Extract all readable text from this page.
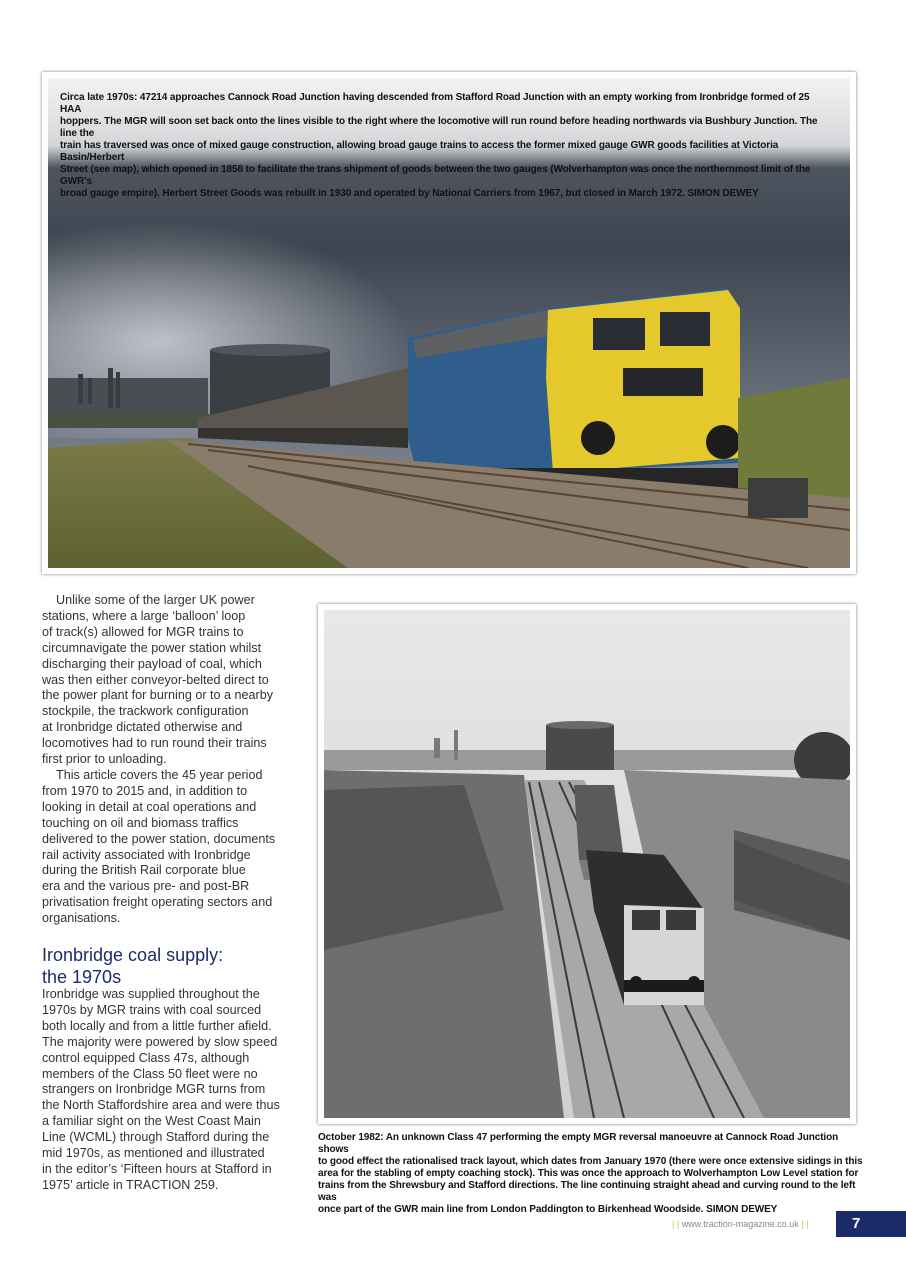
Circa late 1970s: 47214 approaches Cannock Road Junction having descended from Stafford Road Junction with an empty working from Ironbridge formed of 25 HAA
hoppers. The MGR will soon set back onto the lines visible to the right where the locomotive will run round before heading northwards via Bushbury Junction. The line the
train has traversed was once of mixed gauge construction, allowing broad gauge trains to access the former mixed gauge GWR goods facilities at Victoria Basin/Herbert
Street (see map), which opened in 1858 to facilitate the trans shipment of goods between the two gauges (Wolverhampton was once the northernmost limit of the GWR’s
broad gauge empire). Herbert Street Goods was rebuilt in 1930 and operated by National Carriers from 1967, but closed in March 1972. SIMON DEWEY
Unlike some of the larger UK power
stations, where a large ‘balloon’ loop
of track(s) allowed for MGR trains to
circumnavigate the power station whilst
discharging their payload of coal, which
was then either conveyor-belted direct to
the power plant for burning or to a nearby
stockpile, the trackwork configuration
at Ironbridge dictated otherwise and
locomotives had to run round their trains
first prior to unloading.
This article covers the 45 year period
from 1970 to 2015 and, in addition to
looking in detail at coal operations and
touching on oil and biomass traffics
delivered to the power station, documents
rail activity associated with Ironbridge
during the British Rail corporate blue
era and the various pre- and post-BR
privatisation freight operating sectors and
organisations.
Ironbridge coal supply:
the 1970s
Ironbridge was supplied throughout the
1970s by MGR trains with coal sourced
both locally and from a little further afield.
The majority were powered by slow speed
control equipped Class 47s, although
members of the Class 50 fleet were no
strangers on Ironbridge MGR turns from
the North Staffordshire area and were thus
a familiar sight on the West Coast Main
Line (WCML) through Stafford during the
mid 1970s, as mentioned and illustrated
in the editor’s ‘Fifteen hours at Stafford in
1975’ article in TRACTION 259.
October 1982: An unknown Class 47 performing the empty MGR reversal manoeuvre at Cannock Road Junction shows
to good effect the rationalised track layout, which dates from January 1970 (there were once extensive sidings in this
area for the stabling of empty coaching stock). This was once the approach to Wolverhampton Low Level station for
trains from the Shrewsbury and Stafford directions. The line continuing straight ahead and curving round to the left was
once part of the GWR main line from London Paddington to Birkenhead Woodside. SIMON DEWEY
| | www.traction-magazine.co.uk | |	7
